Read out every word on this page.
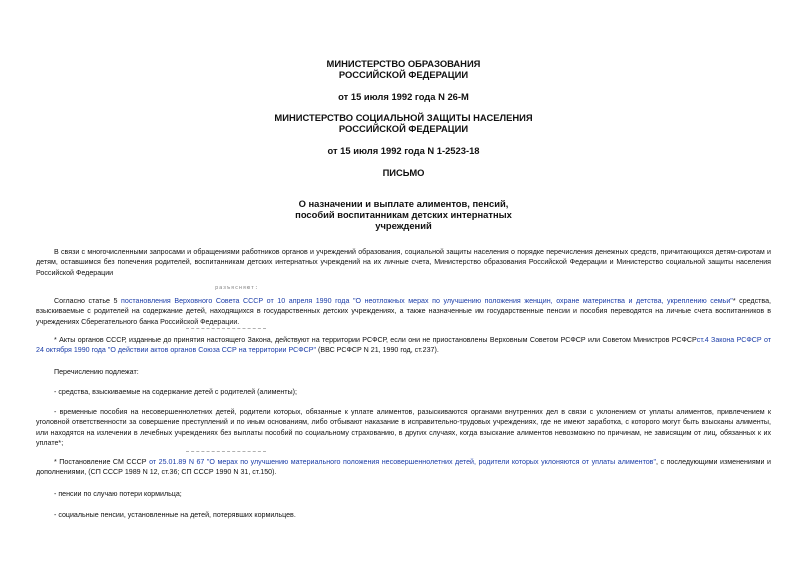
МИНИСТЕРСТВО ОБРАЗОВАНИЯ

РОССИЙСКОЙ ФЕДЕРАЦИИ

от 15 июля 1992 года N 26-М

МИНИСТЕРСТВО СОЦИАЛЬНОЙ ЗАЩИТЫ НАСЕЛЕНИЯ

РОССИЙСКОЙ ФЕДЕРАЦИИ

от 15 июля 1992 года N 1-2523-18

ПИСЬМО

О назначении и выплате алиментов, пенсий,

пособий воспитанникам детских интернатных

учреждений

В связи с многочисленными запросами и обращениями работников органов и учреждений образования, социальной защиты населения о порядке перечисления денежных средств, причитающихся детям-сиротам и детям, оставшимся без попечения родителей, воспитанникам детских интернатных учреждений на их личные счета, Министерство образования Российской Федерации и Министерство социальной защиты населения Российской Федерации

разъясняют:

Согласно статье 5 постановления Верховного Совета СССР от 10 апреля 1990 года "О неотложных мерах по улучшению положения женщин, охране материнства и детства, укреплению семьи"* средства, взыскиваемые с родителей на содержание детей, находящихся в государственных детских учреждениях, а также назначенные им государственные пенсии и пособия переводятся на личные счета воспитанников в учреждениях Сберегательного банка Российской Федерации.

* Акты органов СССР, изданные до принятия настоящего Закона, действуют на территории РСФСР, если они не приостановлены Верховным Советом РСФСР или Советом Министров РСФСРст.4 Закона РСФСР от 24 октября 1990 года "О действии актов органов Союза ССР на территории РСФСР" (ВВС РСФСР N 21, 1990 год, ст.237).

Перечислению подлежат:

- средства, взыскиваемые на содержание детей с родителей (алименты);

- временные пособия на несовершеннолетних детей, родители которых, обязанные к уплате алиментов, разыскиваются органами внутренних дел в связи с уклонением от уплаты алиментов, привлечением к уголовной ответственности за совершение преступлений и по иным основаниям, либо отбывают наказание в исправительно-трудовых учреждениях, где не имеют заработка, с которого могут быть взысканы алименты, или находятся на излечении в лечебных учреждениях без выплаты пособий по социальному страхованию, в других случаях, когда взыскание алиментов невозможно по причинам, не зависящим от лиц, обязанных к их уплате*;

* Постановление СМ СССР от 25.01.89 N 67 "О мерах по улучшению материального положения несовершеннолетних детей, родители которых уклоняются от уплаты алиментов", с последующими изменениями и дополнениями, (СП СССР 1989 N 12, ст.36; СП СССР 1990 N 31, ст.150).

- пенсии по случаю потери кормильца;

- социальные пенсии, установленные на детей, потерявших кормильцев.
